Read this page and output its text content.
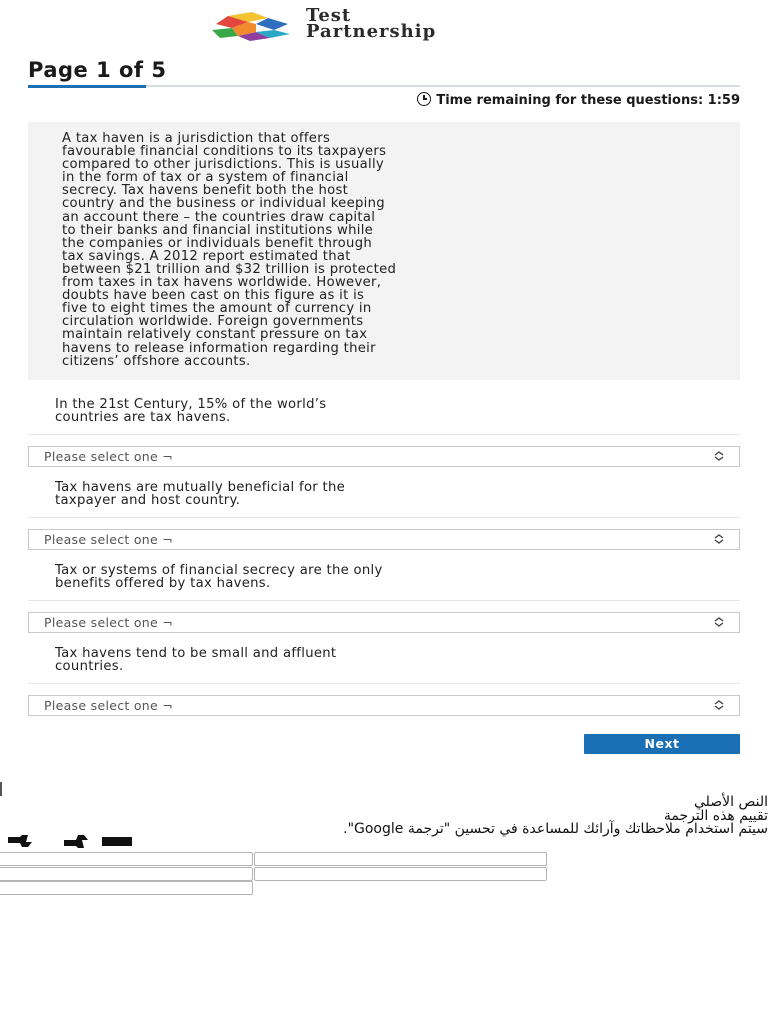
Test
Partnership
Page 1 of 5
Time remaining for these questions: 1:59
A tax haven is a jurisdiction that offers
favourable financial conditions to its taxpayers
compared to other jurisdictions. This is usually
in the form of tax or a system of financial
secrecy. Tax havens benefit both the host
country and the business or individual keeping
an account there – the countries draw capital
to their banks and financial institutions while
the companies or individuals benefit through
tax savings. A 2012 report estimated that
between $21 trillion and $32 trillion is protected
from taxes in tax havens worldwide. However,
doubts have been cast on this figure as it is
five to eight times the amount of currency in
circulation worldwide. Foreign governments
maintain relatively constant pressure on tax
havens to release information regarding their
citizens’ offshore accounts.
In the 21st Century, 15% of the world’s
countries are tax havens.
Please select one ¬
Tax havens are mutually beneficial for the
taxpayer and host country.
Please select one ¬
Tax or systems of financial secrecy are the only
benefits offered by tax havens.
Please select one ¬
Tax havens tend to be small and affluent
countries.
Please select one ¬
Next
النص الأصلي
تقييم هذه الترجمة
سيتم استخدام ملاحظاتك وآرائك للمساعدة في تحسين "ترجمة Google".
